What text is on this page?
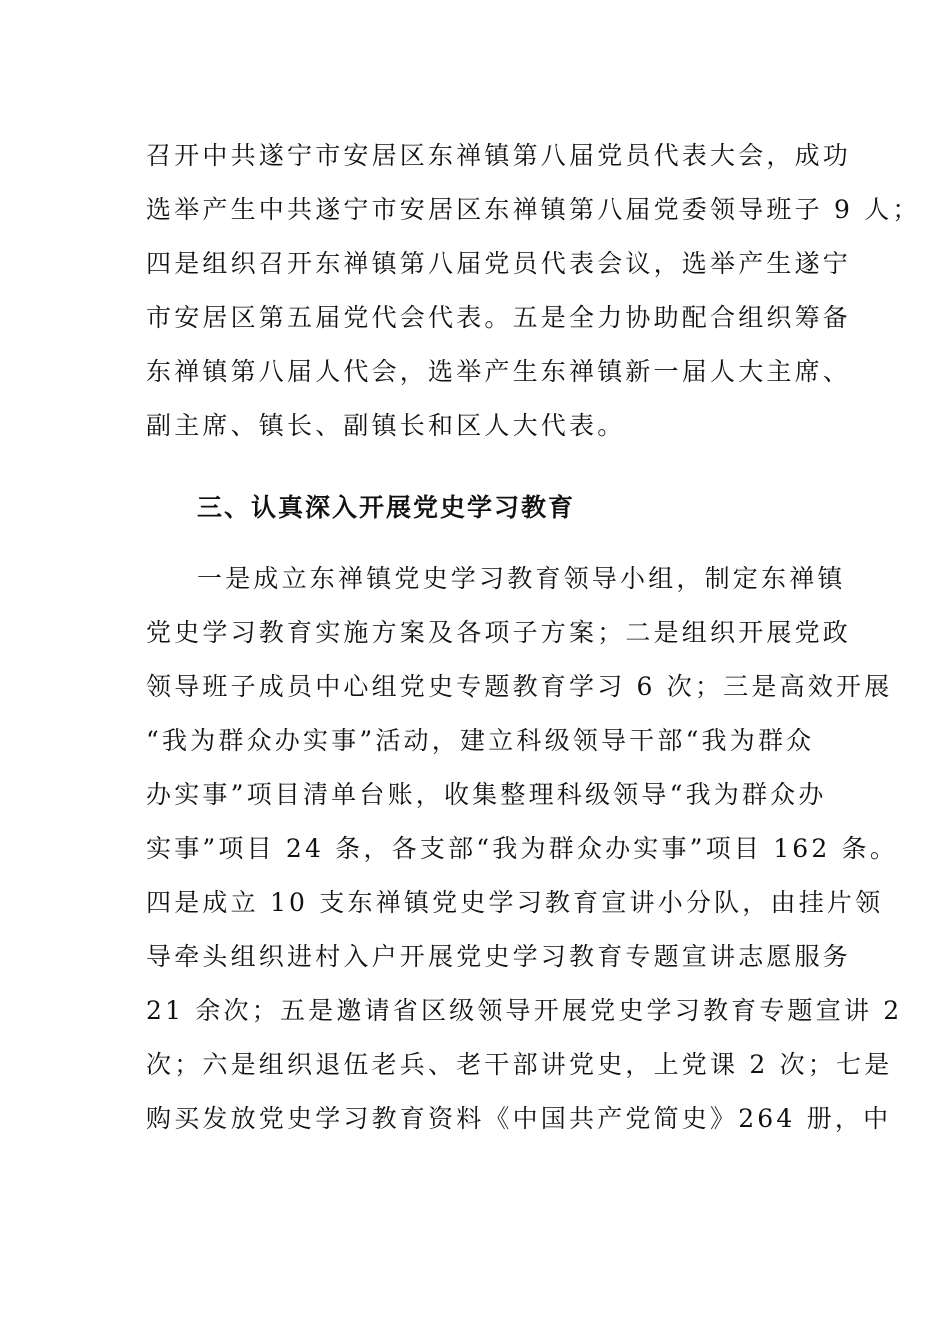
召开中共遂宁市安居区东禅镇第八届党员代表大会，成功
选举产生中共遂宁市安居区东禅镇第八届党委领导班子 9 人；
四是组织召开东禅镇第八届党员代表会议，选举产生遂宁
市安居区第五届党代会代表。五是全力协助配合组织筹备
东禅镇第八届人代会，选举产生东禅镇新一届人大主席、
副主席、镇长、副镇长和区人大代表。
三、认真深入开展党史学习教育
一是成立东禅镇党史学习教育领导小组，制定东禅镇
党史学习教育实施方案及各项子方案；二是组织开展党政
领导班子成员中心组党史专题教育学习 6 次；三是高效开展
“我为群众办实事”活动，建立科级领导干部“我为群众
办实事”项目清单台账，收集整理科级领导“我为群众办
实事”项目 24 条，各支部“我为群众办实事”项目 162 条。
四是成立 10 支东禅镇党史学习教育宣讲小分队，由挂片领
导牵头组织进村入户开展党史学习教育专题宣讲志愿服务
21 余次；五是邀请省区级领导开展党史学习教育专题宣讲 2
次；六是组织退伍老兵、老干部讲党史，上党课 2 次；七是
购买发放党史学习教育资料《中国共产党简史》264 册，中
